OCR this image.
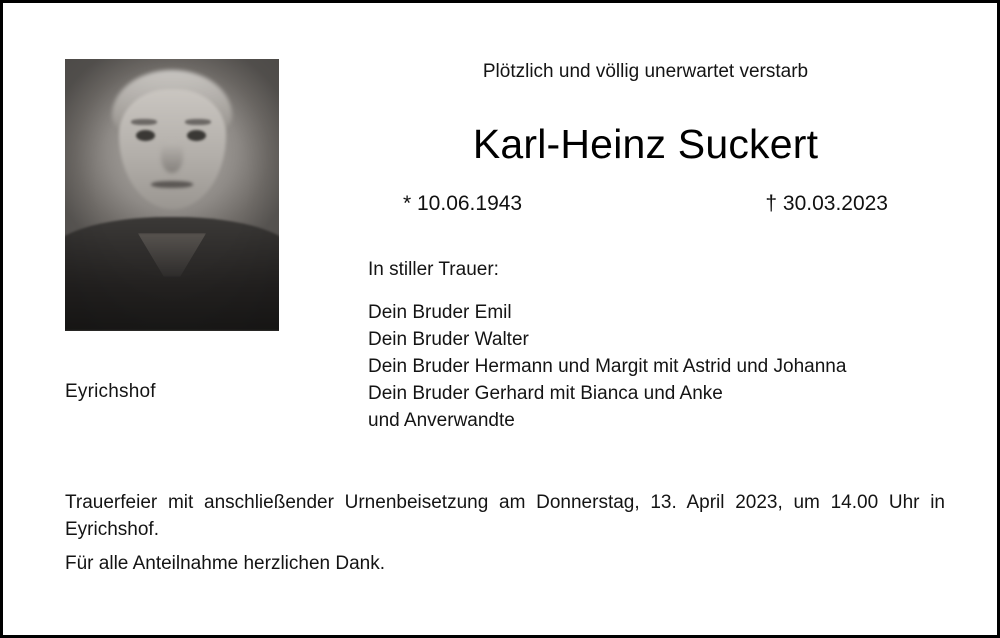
Eyrichshof
Plötzlich und völlig unerwartet verstarb
Karl-Heinz Suckert
* 10.06.1943	† 30.03.2023
In stiller Trauer:
Dein Bruder Emil
Dein Bruder Walter
Dein Bruder Hermann und Margit mit Astrid und Johanna
Dein Bruder Gerhard mit Bianca und Anke
und Anverwandte
Trauerfeier mit anschließender Urnenbeisetzung am Donnerstag, 13. April 2023, um 14.00 Uhr in Eyrichshof.
Für alle Anteilnahme herzlichen Dank.
